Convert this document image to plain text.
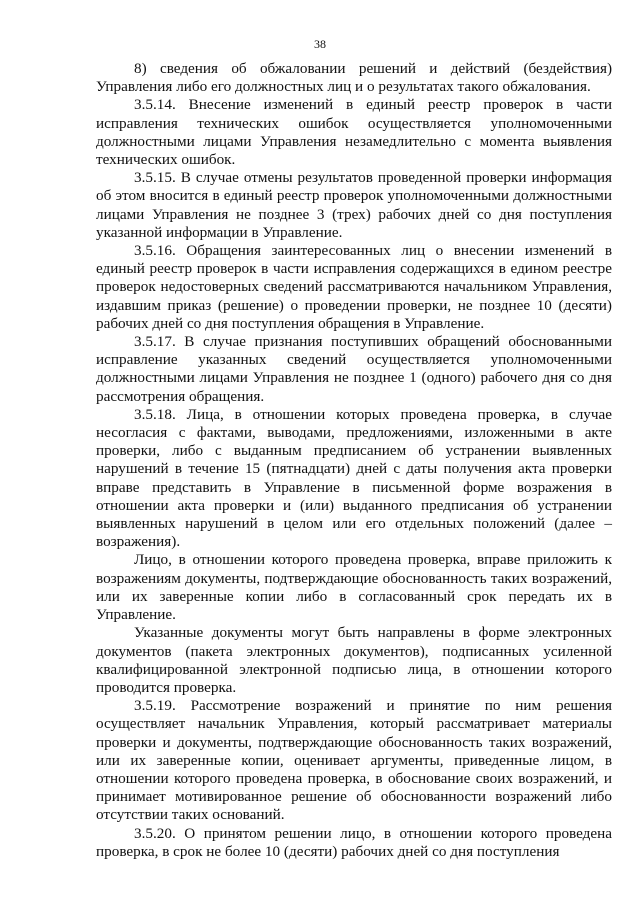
38

8) сведения об обжаловании решений и действий (бездействия) Управления либо его должностных лиц и о результатах такого обжалования.

3.5.14. Внесение изменений в единый реестр проверок в части исправления технических ошибок осуществляется уполномоченными должностными лицами Управления незамедлительно с момента выявления технических ошибок.

3.5.15. В случае отмены результатов проведенной проверки информация об этом вносится в единый реестр проверок уполномоченными должностными лицами Управления не позднее 3 (трех) рабочих дней со дня поступления указанной информации в Управление.

3.5.16. Обращения заинтересованных лиц о внесении изменений в единый реестр проверок в части исправления содержащихся в едином реестре проверок недостоверных сведений рассматриваются начальником Управления, издавшим приказ (решение) о проведении проверки, не позднее 10 (десяти) рабочих дней со дня поступления обращения в Управление.

3.5.17. В случае признания поступивших обращений обоснованными исправление указанных сведений осуществляется уполномоченными должностными лицами Управления не позднее 1 (одного) рабочего дня со дня рассмотрения обращения.

3.5.18. Лица, в отношении которых проведена проверка, в случае несогласия с фактами, выводами, предложениями, изложенными в акте проверки, либо с выданным предписанием об устранении выявленных нарушений в течение 15 (пятнадцати) дней с даты получения акта проверки вправе представить в Управление в письменной форме возражения в отношении акта проверки и (или) выданного предписания об устранении выявленных нарушений в целом или его отдельных положений (далее – возражения).

Лицо, в отношении которого проведена проверка, вправе приложить к возражениям документы, подтверждающие обоснованность таких возражений, или их заверенные копии либо в согласованный срок передать их в Управление.

Указанные документы могут быть направлены в форме электронных документов (пакета электронных документов), подписанных усиленной квалифицированной электронной подписью лица, в отношении которого проводится проверка.

3.5.19. Рассмотрение возражений и принятие по ним решения осуществляет начальник Управления, который рассматривает материалы проверки и документы, подтверждающие обоснованность таких возражений, или их заверенные копии, оценивает аргументы, приведенные лицом, в отношении которого проведена проверка, в обоснование своих возражений, и принимает мотивированное решение об обоснованности возражений либо отсутствии таких оснований.

3.5.20. О принятом решении лицо, в отношении которого проведена проверка, в срок не более 10 (десяти) рабочих дней со дня поступления
